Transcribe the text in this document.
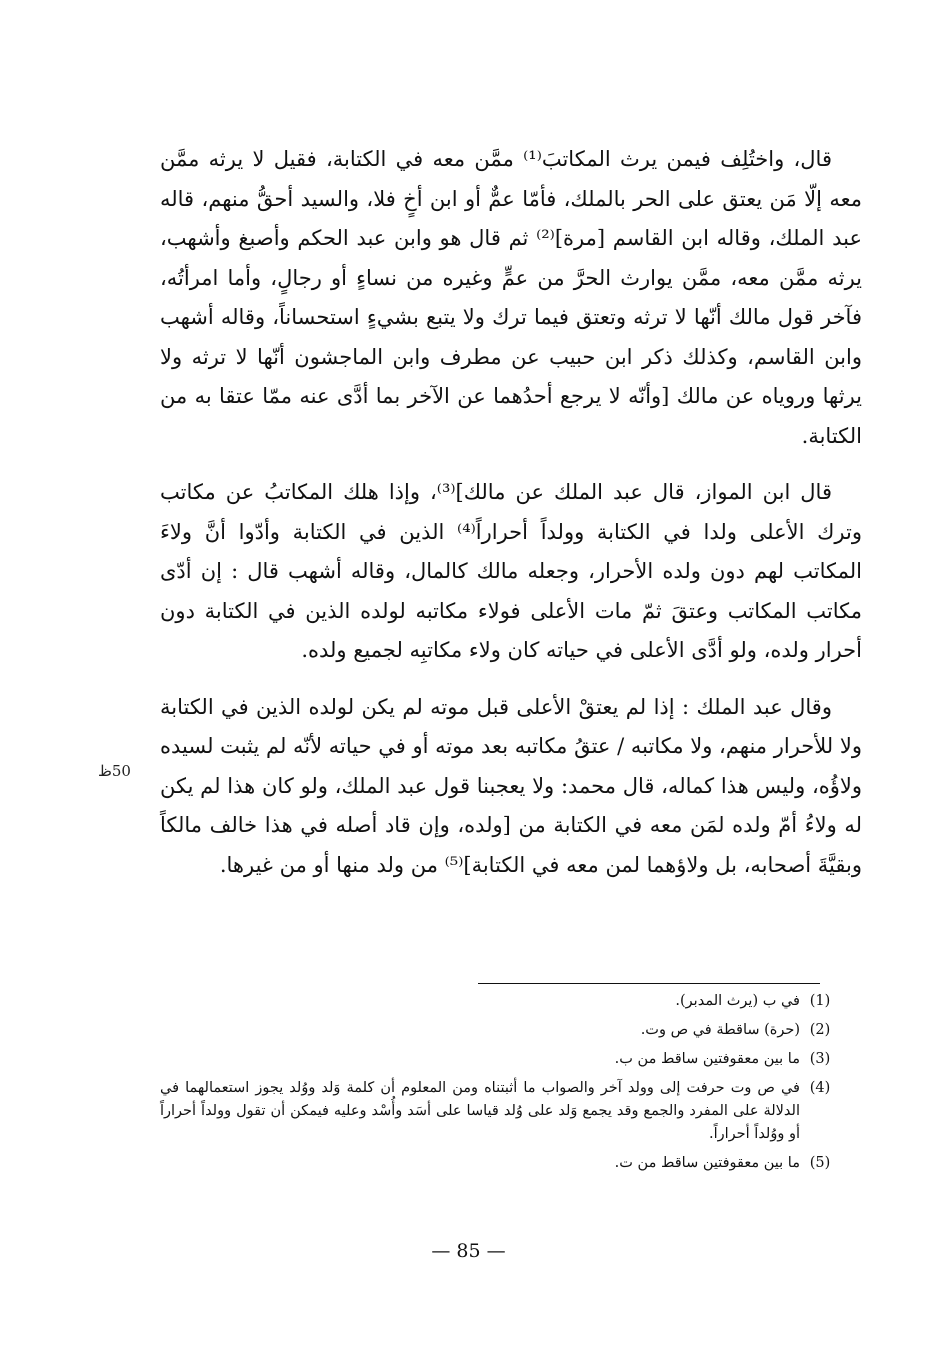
قال، واختُلِف فيمن يرث المكاتبَ⁽¹⁾ ممَّن معه في الكتابة، فقيل لا يرثه ممَّن معه إلّا مَن يعتق على الحر بالملك، فأمّا عمٌّ أو ابن أخٍ فلا، والسيد أحقُّ منهم، قاله عبد الملك، وقاله ابن القاسم [مرة]⁽²⁾ ثم قال هو وابن عبد الحكم وأصبغ وأشهب، يرثه ممَّن معه، ممَّن يوارث الحرَّ من عمٍّ وغيره من نساءٍ أو رجالٍ، وأما امرأتُه، فآخر قول مالك أنّها لا ترثه وتعتق فيما ترك ولا يتبع بشيءٍ استحساناً، وقاله أشهب وابن القاسم، وكذلك ذكر ابن حبيب عن مطرف وابن الماجشون أنّها لا ترثه ولا يرثها وروياه عن مالك [وأنّه لا يرجع أحدُهما عن الآخر بما أدَّى عنه ممّا عتقا به من الكتابة.

قال ابن المواز، قال عبد الملك عن مالك]⁽³⁾، وإذا هلك المكاتبُ عن مكاتب وترك الأعلى ولدا في الكتابة وولداً أحراراً⁽⁴⁾ الذين في الكتابة وأدّوا أنَّ ولاءَ المكاتب لهم دون ولده الأحرار، وجعله مالك كالمال، وقاله أشهب قال : إن أدّى مكاتب المكاتب وعتقَ ثمّ مات الأعلى فولاء مكاتبه لولده الذين في الكتابة دون أحرار ولده، ولو أدَّى الأعلى في حياته كان ولاء مكاتبِه لجميع ولده.

وقال عبد الملك : إذا لم يعتقْ الأعلى قبل موته لم يكن لولده الذين في الكتابة ولا للأحرار منهم، ولا مكاتبه / عتقُ مكاتبه بعد موته أو في حياته لأنّه لم يثبت لسيده ولاؤُه، وليس هذا كماله، قال محمد: ولا يعجبنا قول عبد الملك، ولو كان هذا لم يكن له ولاءُ أمّ ولده لمَن معه في الكتابة من [ولده، وإن قاد أصله في هذا خالف مالكاً وبقيَّةَ أصحابه، بل ولاؤهما لمن معه في الكتابة]⁽⁵⁾ من ولد منها أو من غيرها.

50ظ
(1)
في ب (يرث المدبر).
(2)
(حرة) ساقطة في ص وت.
(3)
ما بين معقوفتين ساقط من ب.
(4)
في ص وت حرفت إلى وولد آخر والصواب ما أثبتناه ومن المعلوم أن كلمة وَلد ووُلد يجوز استعمالهما في الدلالة على المفرد والجمع وقد يجمع وَلد على وُلد قياسا على أسَد وأُسْد وعليه فيمكن أن تقول وولداً أحراراً أو ووُلداً أحراراً.
(5)
ما بين معقوفتين ساقط من ت.
— 85 —
